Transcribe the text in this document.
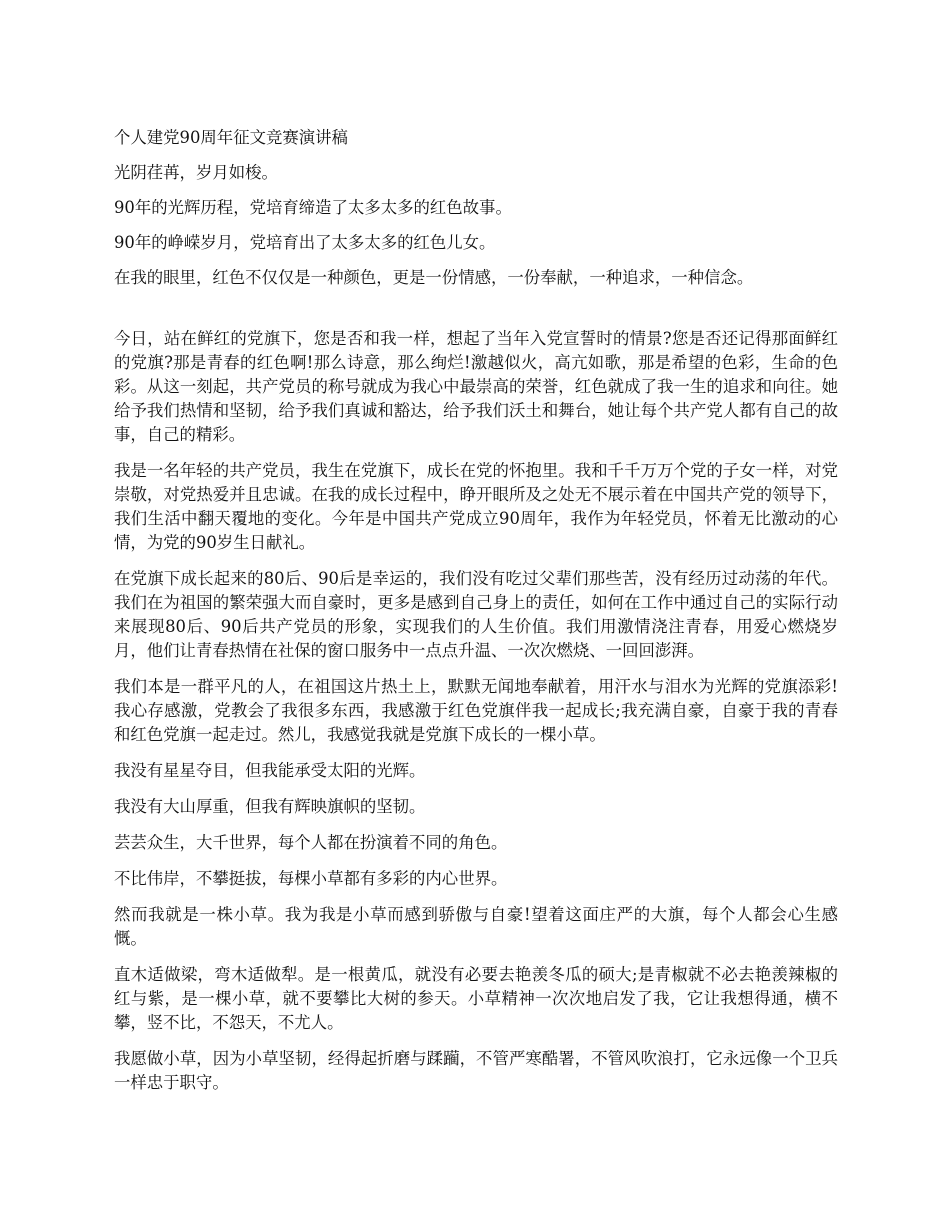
个人建党90周年征文竞赛演讲稿

光阴荏苒，岁月如梭。

90年的光辉历程，党培育缔造了太多太多的红色故事。

90年的峥嵘岁月，党培育出了太多太多的红色儿女。

在我的眼里，红色不仅仅是一种颜色，更是一份情感，一份奉献，一种追求，一种信念。

今日，站在鲜红的党旗下，您是否和我一样，想起了当年入党宣誓时的情景?您是否还记得那面鲜红的党旗?那是青春的红色啊!那么诗意，那么绚烂!激越似火，高亢如歌，那是希望的色彩，生命的色彩。从这一刻起，共产党员的称号就成为我心中最崇高的荣誉，红色就成了我一生的追求和向往。她给予我们热情和坚韧，给予我们真诚和豁达，给予我们沃土和舞台，她让每个共产党人都有自己的故事，自己的精彩。

我是一名年轻的共产党员，我生在党旗下，成长在党的怀抱里。我和千千万万个党的子女一样，对党崇敬，对党热爱并且忠诚。在我的成长过程中，睁开眼所及之处无不展示着在中国共产党的领导下，我们生活中翻天覆地的变化。今年是中国共产党成立90周年，我作为年轻党员，怀着无比激动的心情，为党的90岁生日献礼。

在党旗下成长起来的80后、90后是幸运的，我们没有吃过父辈们那些苦，没有经历过动荡的年代。我们在为祖国的繁荣强大而自豪时，更多是感到自己身上的责任，如何在工作中通过自己的实际行动来展现80后、90后共产党员的形象，实现我们的人生价值。我们用激情浇注青春，用爱心燃烧岁月，他们让青春热情在社保的窗口服务中一点点升温、一次次燃烧、一回回澎湃。

我们本是一群平凡的人，在祖国这片热土上，默默无闻地奉献着，用汗水与泪水为光辉的党旗添彩!我心存感激，党教会了我很多东西，我感激于红色党旗伴我一起成长;我充满自豪，自豪于我的青春和红色党旗一起走过。然儿，我感觉我就是党旗下成长的一棵小草。

我没有星星夺目，但我能承受太阳的光辉。

我没有大山厚重，但我有辉映旗帜的坚韧。

芸芸众生，大千世界，每个人都在扮演着不同的角色。

不比伟岸，不攀挺拔，每棵小草都有多彩的内心世界。

然而我就是一株小草。我为我是小草而感到骄傲与自豪!望着这面庄严的大旗，每个人都会心生感慨。

直木适做梁，弯木适做犁。是一根黄瓜，就没有必要去艳羡冬瓜的硕大;是青椒就不必去艳羡辣椒的红与紫，是一棵小草，就不要攀比大树的参天。小草精神一次次地启发了我，它让我想得通，横不攀，竖不比，不怨天，不尤人。

我愿做小草，因为小草坚韧，经得起折磨与蹂躏，不管严寒酷署，不管风吹浪打，它永远像一个卫兵一样忠于职守。
